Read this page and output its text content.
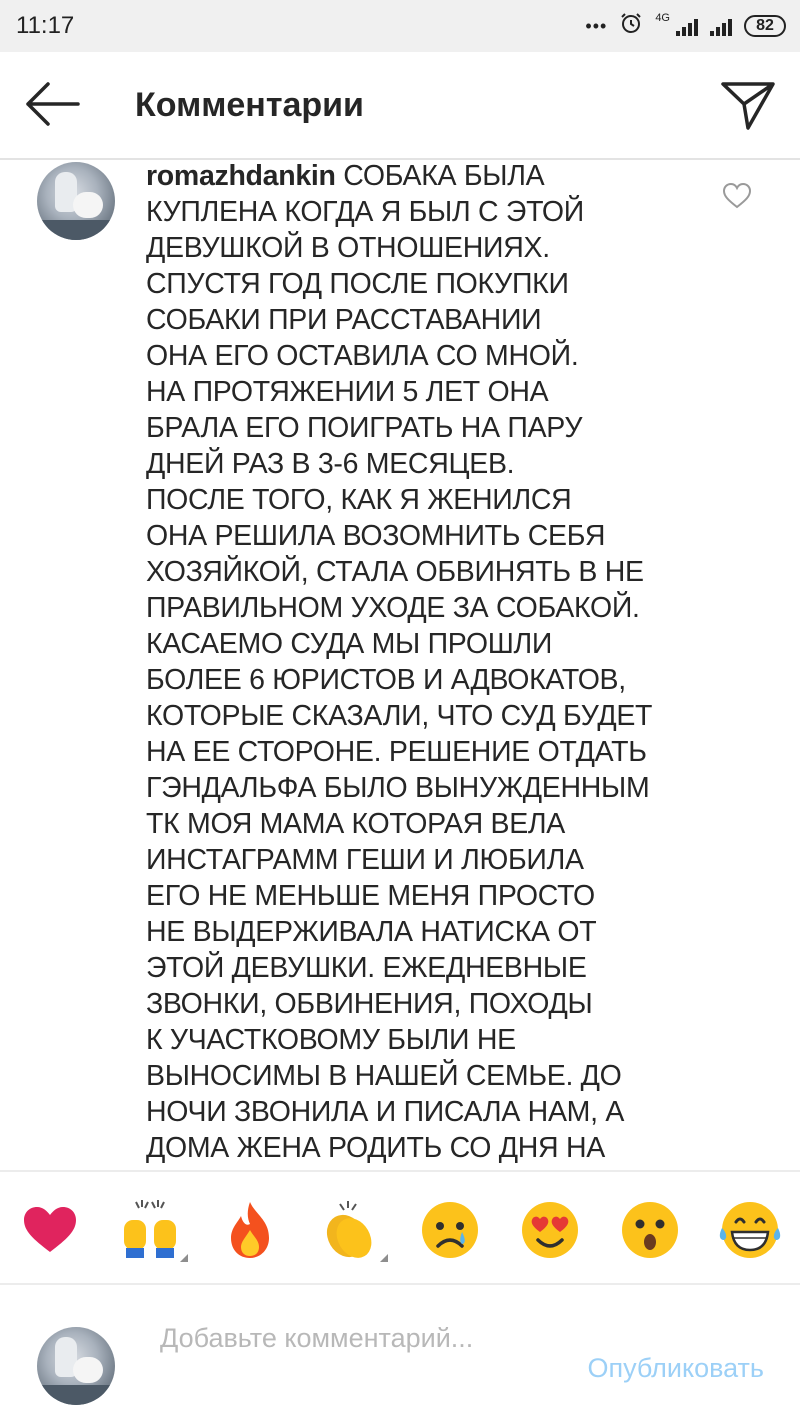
11:17	•••	4G	82
Комментарии
romazhdankin СОБАКА БЫЛА
КУПЛЕНА КОГДА Я БЫЛ С ЭТОЙ
ДЕВУШКОЙ В ОТНОШЕНИЯХ.
СПУСТЯ ГОД ПОСЛЕ ПОКУПКИ
СОБАКИ ПРИ РАССТАВАНИИ
ОНА ЕГО ОСТАВИЛА СО МНОЙ.
НА ПРОТЯЖЕНИИ 5 ЛЕТ ОНА
БРАЛА ЕГО ПОИГРАТЬ НА ПАРУ
ДНЕЙ РАЗ В 3-6 МЕСЯЦЕВ.
ПОСЛЕ ТОГО, КАК Я ЖЕНИЛСЯ
ОНА РЕШИЛА ВОЗОМНИТЬ СЕБЯ
ХОЗЯЙКОЙ, СТАЛА ОБВИНЯТЬ В НЕ
ПРАВИЛЬНОМ УХОДЕ ЗА СОБАКОЙ.
КАСАЕМО СУДА МЫ ПРОШЛИ
БОЛЕЕ 6 ЮРИСТОВ И АДВОКАТОВ,
КОТОРЫЕ СКАЗАЛИ, ЧТО СУД БУДЕТ
НА ЕЕ СТОРОНЕ. РЕШЕНИЕ ОТДАТЬ
ГЭНДАЛЬФА БЫЛО ВЫНУЖДЕННЫМ
ТК МОЯ МАМА КОТОРАЯ ВЕЛА
ИНСТАГРАММ ГЕШИ И ЛЮБИЛА
ЕГО НЕ МЕНЬШЕ МЕНЯ ПРОСТО
НЕ ВЫДЕРЖИВАЛА НАТИСКА ОТ
ЭТОЙ ДЕВУШКИ. ЕЖЕДНЕВНЫЕ
ЗВОНКИ, ОБВИНЕНИЯ, ПОХОДЫ
К УЧАСТКОВОМУ БЫЛИ НЕ
ВЫНОСИМЫ В НАШЕЙ СЕМЬЕ. ДО
НОЧИ ЗВОНИЛА И ПИСАЛА НАМ, А
ДОМА ЖЕНА РОДИТЬ СО ДНЯ НА
Добавьте комментарий...
Опубликовать
